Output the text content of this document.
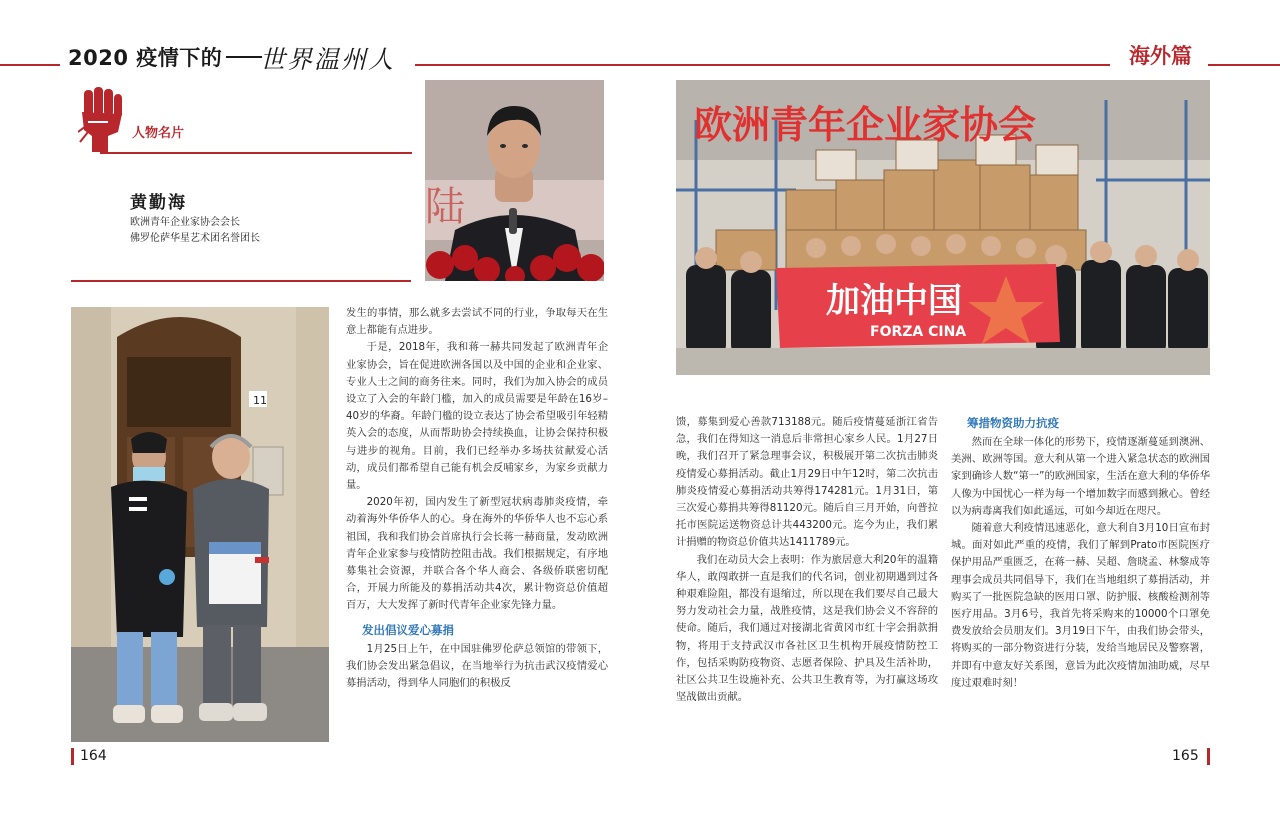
2020 疫情下的	世界温州人	海外篇
人物名片
黄勤海
欧洲青年企业家协会会长
佛罗伦萨华星艺术团名誉团长
陆
11
欧洲青年企业家协会
加油中国
FORZA CINA

发生的事情，那么就多去尝试不同的行业，争取每天在生意上都能有点进步。

于是，2018年，我和蒋一赫共同发起了欧洲青年企业家协会，旨在促进欧洲各国以及中国的企业和企业家、专业人士之间的商务往来。同时，我们为加入协会的成员设立了入会的年龄门槛，加入的成员需要是年龄在16岁–40岁的华裔。年龄门槛的设立表达了协会希望吸引年轻精英入会的态度，从而帮助协会持续换血，让协会保持积极与进步的视角。目前，我们已经举办多场扶贫献爱心活动，成员们都希望自己能有机会反哺家乡，为家乡贡献力量。

2020年初，国内发生了新型冠状病毒肺炎疫情，牵动着海外华侨华人的心。身在海外的华侨华人也不忘心系祖国，我和我们协会首席执行会长蒋一赫商量，发动欧洲青年企业家参与疫情防控阻击战。我们根据规定，有序地募集社会资源，并联合各个华人商会、各级侨联密切配合，开展力所能及的募捐活动共4次，累计物资总价值超百万，大大发挥了新时代青年企业家先锋力量。

发出倡议爱心募捐

1月25日上午，在中国驻佛罗伦萨总领馆的带领下，我们协会发出紧急倡议，在当地举行为抗击武汉疫情爱心募捐活动，得到华人同胞们的积极反

馈，募集到爱心善款713188元。随后疫情蔓延浙江省告急，我们在得知这一消息后非常担心家乡人民。1月27日晚，我们召开了紧急理事会议，积极展开第二次抗击肺炎疫情爱心募捐活动。截止1月29日中午12时，第二次抗击肺炎疫情爱心募捐活动共筹得174281元。1月31日，第三次爱心募捐共筹得81120元。随后自三月开始，向普拉托市医院运送物资总计共443200元。迄今为止，我们累计捐赠的物资总价值共达1411789元。

我们在动员大会上表明：作为旅居意大利20年的温籍华人，敢闯敢拼一直是我们的代名词，创业初期遇到过各种艰难险阻，都没有退缩过，所以现在我们要尽自己最大努力发动社会力量，战胜疫情，这是我们协会义不容辞的使命。随后，我们通过对接湖北省黄冈市红十字会捐款捐物，将用于支持武汉市各社区卫生机构开展疫情防控工作，包括采购防疫物资、志愿者保险、护具及生活补助，社区公共卫生设施补充、公共卫生教育等，为打赢这场攻坚战做出贡献。

筹措物资助力抗疫

然而在全球一体化的形势下，疫情逐渐蔓延到澳洲、美洲、欧洲等国。意大利从第一个进入紧急状态的欧洲国家到确诊人数“第一”的欧洲国家，生活在意大利的华侨华人像为中国忧心一样为每一个增加数字而感到揪心。曾经以为病毒离我们如此遥远，可如今却近在咫尺。

随着意大利疫情迅速恶化，意大利自3月10日宣布封城。面对如此严重的疫情，我们了解到Prato市医院医疗保护用品严重匮乏，在蒋一赫、吴超、詹晓孟、林黎成等理事会成员共同倡导下，我们在当地组织了募捐活动，并购买了一批医院急缺的医用口罩、防护服、核酸检测剂等医疗用品。3月6号，我首先将采购来的10000个口罩免费发放给会员朋友们。3月19日下午，由我们协会带头，将购买的一部分物资进行分装，发给当地居民及警察署，并即有中意友好关系图，意旨为此次疫情加油助威，尽早度过艰难时刻！

164	165
